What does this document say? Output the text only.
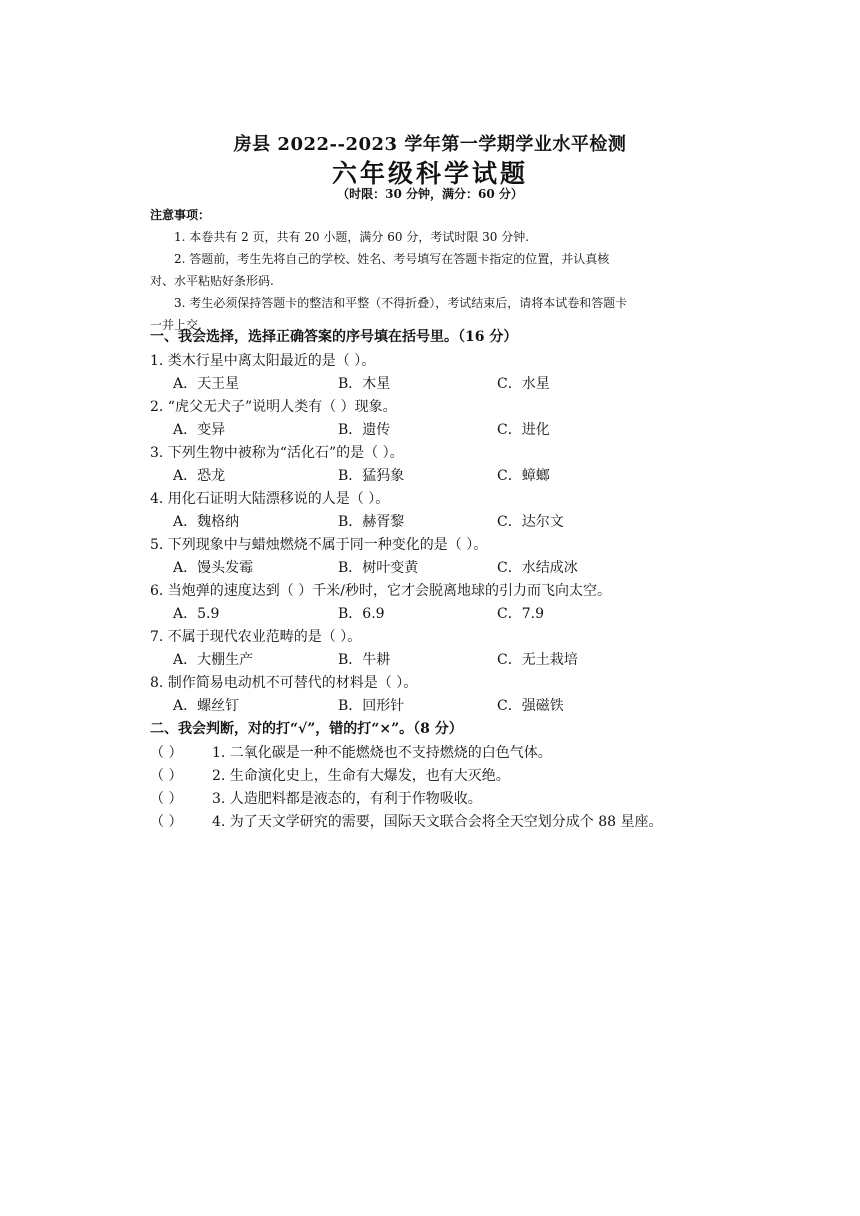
房县 2022--2023 学年第一学期学业水平检测
六年级科学试题
（时限：30 分钟，满分：60 分）
注意事项：
1. 本卷共有 2 页，共有 20 小题，满分 60 分，考试时限 30 分钟.
2. 答题前，考生先将自己的学校、姓名、考号填写在答题卡指定的位置，并认真核对、水平粘贴好条形码.
3. 考生必须保持答题卡的整洁和平整（不得折叠），考试结束后，请将本试卷和答题卡一并上交.
一、我会选择，选择正确答案的序号填在括号里。（16 分）
1. 类木行星中离太阳最近的是（ ）。
A．天王星	B．木星	C．水星
2. “虎父无犬子”说明人类有（ ）现象。
A．变异	B．遗传	C．进化
3. 下列生物中被称为“活化石”的是（ ）。
A．恐龙	B．猛犸象	C．蟑螂
4. 用化石证明大陆漂移说的人是（ ）。
A．魏格纳	B．赫胥黎	C．达尔文
5. 下列现象中与蜡烛燃烧不属于同一种变化的是（ ）。
A．馒头发霉	B．树叶变黄	C．水结成冰
6. 当炮弹的速度达到（ ）千米/秒时，它才会脱离地球的引力而飞向太空。
A．5.9	B．6.9	C．7.9
7. 不属于现代农业范畴的是（ ）。
A．大棚生产	B．牛耕	C．无土栽培
8. 制作简易电动机不可替代的材料是（ ）。
A．螺丝钉	B．回形针	C．强磁铁
二、我会判断，对的打“√”，错的打“×”。（8 分）
（ ） 1. 二氧化碳是一种不能燃烧也不支持燃烧的白色气体。
（ ） 2. 生命演化史上，生命有大爆发，也有大灭绝。
（ ） 3. 人造肥料都是液态的，有利于作物吸收。
（ ） 4. 为了天文学研究的需要，国际天文联合会将全天空划分成个 88 星座。
